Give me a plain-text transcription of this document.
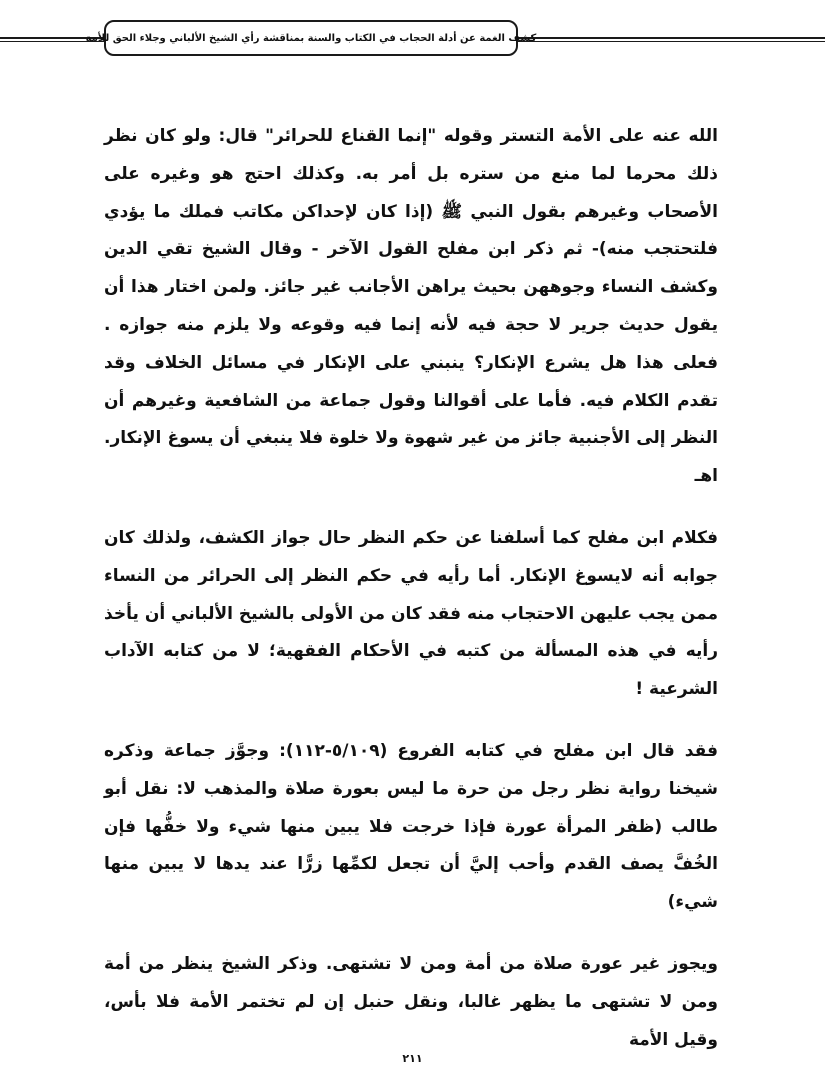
كشف الغمة عن أدلة الحجاب في الكتاب والسنة بمناقشة رأي الشيخ الألباني وجلاء الحق للأمة

الله عنه على الأمة التستر وقوله "إنما القناع للحرائر" قال: ولو كان نظر ذلك محرما لما منع من ستره بل أمر به. وكذلك احتج هو وغيره على الأصحاب وغيرهم بقول النبي ﷺ (إذا كان لإحداكن مكاتب فملك ما يؤدي فلتحتجب منه)- ثم ذكر ابن مفلح القول الآخر - وقال الشيخ تقي الدين وكشف النساء وجوههن بحيث يراهن الأجانب غير جائز. ولمن اختار هذا أن يقول حديث جرير لا حجة فيه لأنه إنما فيه وقوعه ولا يلزم منه جوازه . فعلى هذا هل يشرع الإنكار؟ ينبني على الإنكار في مسائل الخلاف وقد تقدم الكلام فيه. فأما على أقوالنا وقول جماعة من الشافعية وغيرهم أن النظر إلى الأجنبية جائز من غير شهوة ولا خلوة فلا ينبغي أن يسوغ الإنكار. اهـ

فكلام ابن مفلح كما أسلفنا عن حكم النظر حال جواز الكشف، ولذلك كان جوابه أنه لايسوغ الإنكار. أما رأيه في حكم النظر إلى الحرائر من النساء ممن يجب عليهن الاحتجاب منه فقد كان من الأولى بالشيخ الألباني أن يأخذ رأيه في هذه المسألة من كتبه في الأحكام الفقهية؛ لا من كتابه الآداب الشرعية !

فقد قال ابن مفلح في كتابه الفروع (٥/١٠٩-١١٢): وجوَّز جماعة وذكره شيخنا رواية نظر رجل من حرة ما ليس بعورة صلاة والمذهب لا: نقل أبو طالب (ظفر المرأة عورة فإذا خرجت فلا يبين منها شيء ولا خفُّها فإن الخُفَّ يصف القدم وأحب إليَّ أن تجعل لكمِّها زرًّا عند يدها لا يبين منها شيء)

ويجوز غير عورة صلاة من أمة ومن لا تشتهى. وذكر الشيخ ينظر من أمة ومن لا تشتهى ما يظهر غالبا، ونقل حنبل إن لم تختمر الأمة فلا بأس، وقيل الأمة

٢١١
